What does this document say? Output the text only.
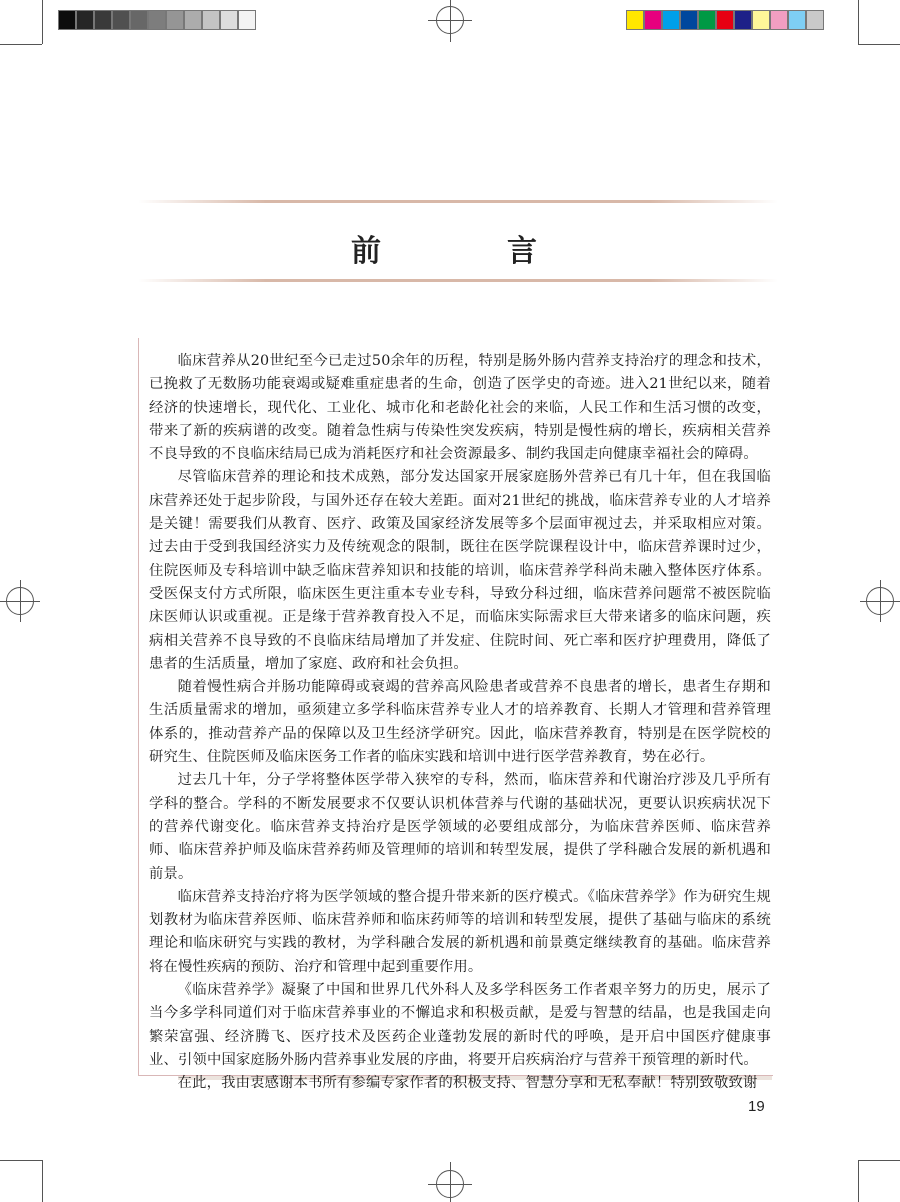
前　言

临床营养从20世纪至今已走过50余年的历程，特别是肠外肠内营养支持治疗的理念和技术，已挽救了无数肠功能衰竭或疑难重症患者的生命，创造了医学史的奇迹。进入21世纪以来，随着经济的快速增长，现代化、工业化、城市化和老龄化社会的来临，人民工作和生活习惯的改变，带来了新的疾病谱的改变。随着急性病与传染性突发疾病，特别是慢性病的增长，疾病相关营养不良导致的不良临床结局已成为消耗医疗和社会资源最多、制约我国走向健康幸福社会的障碍。

尽管临床营养的理论和技术成熟，部分发达国家开展家庭肠外营养已有几十年，但在我国临床营养还处于起步阶段，与国外还存在较大差距。面对21世纪的挑战，临床营养专业的人才培养是关键！需要我们从教育、医疗、政策及国家经济发展等多个层面审视过去，并采取相应对策。过去由于受到我国经济实力及传统观念的限制，既往在医学院课程设计中，临床营养课时过少，住院医师及专科培训中缺乏临床营养知识和技能的培训，临床营养学科尚未融入整体医疗体系。受医保支付方式所限，临床医生更注重本专业专科，导致分科过细，临床营养问题常不被医院临床医师认识或重视。正是缘于营养教育投入不足，而临床实际需求巨大带来诸多的临床问题，疾病相关营养不良导致的不良临床结局增加了并发症、住院时间、死亡率和医疗护理费用，降低了患者的生活质量，增加了家庭、政府和社会负担。

随着慢性病合并肠功能障碍或衰竭的营养高风险患者或营养不良患者的增长，患者生存期和生活质量需求的增加，亟须建立多学科临床营养专业人才的培养教育、长期人才管理和营养管理体系的，推动营养产品的保障以及卫生经济学研究。因此，临床营养教育，特别是在医学院校的研究生、住院医师及临床医务工作者的临床实践和培训中进行医学营养教育，势在必行。

过去几十年，分子学将整体医学带入狭窄的专科，然而，临床营养和代谢治疗涉及几乎所有学科的整合。学科的不断发展要求不仅要认识机体营养与代谢的基础状况，更要认识疾病状况下的营养代谢变化。临床营养支持治疗是医学领域的必要组成部分，为临床营养医师、临床营养师、临床营养护师及临床营养药师及管理师的培训和转型发展，提供了学科融合发展的新机遇和前景。

临床营养支持治疗将为医学领域的整合提升带来新的医疗模式。《临床营养学》作为研究生规划教材为临床营养医师、临床营养师和临床药师等的培训和转型发展，提供了基础与临床的系统理论和临床研究与实践的教材，为学科融合发展的新机遇和前景奠定继续教育的基础。临床营养将在慢性疾病的预防、治疗和管理中起到重要作用。

《临床营养学》凝聚了中国和世界几代外科人及多学科医务工作者艰辛努力的历史，展示了当今多学科同道们对于临床营养事业的不懈追求和积极贡献，是爱与智慧的结晶，也是我国走向繁荣富强、经济腾飞、医疗技术及医药企业蓬勃发展的新时代的呼唤，是开启中国医疗健康事业、引领中国家庭肠外肠内营养事业发展的序曲，将要开启疾病治疗与营养干预管理的新时代。

在此，我由衷感谢本书所有参编专家作者的积极支持、智慧分享和无私奉献！特别致敬致谢

19
